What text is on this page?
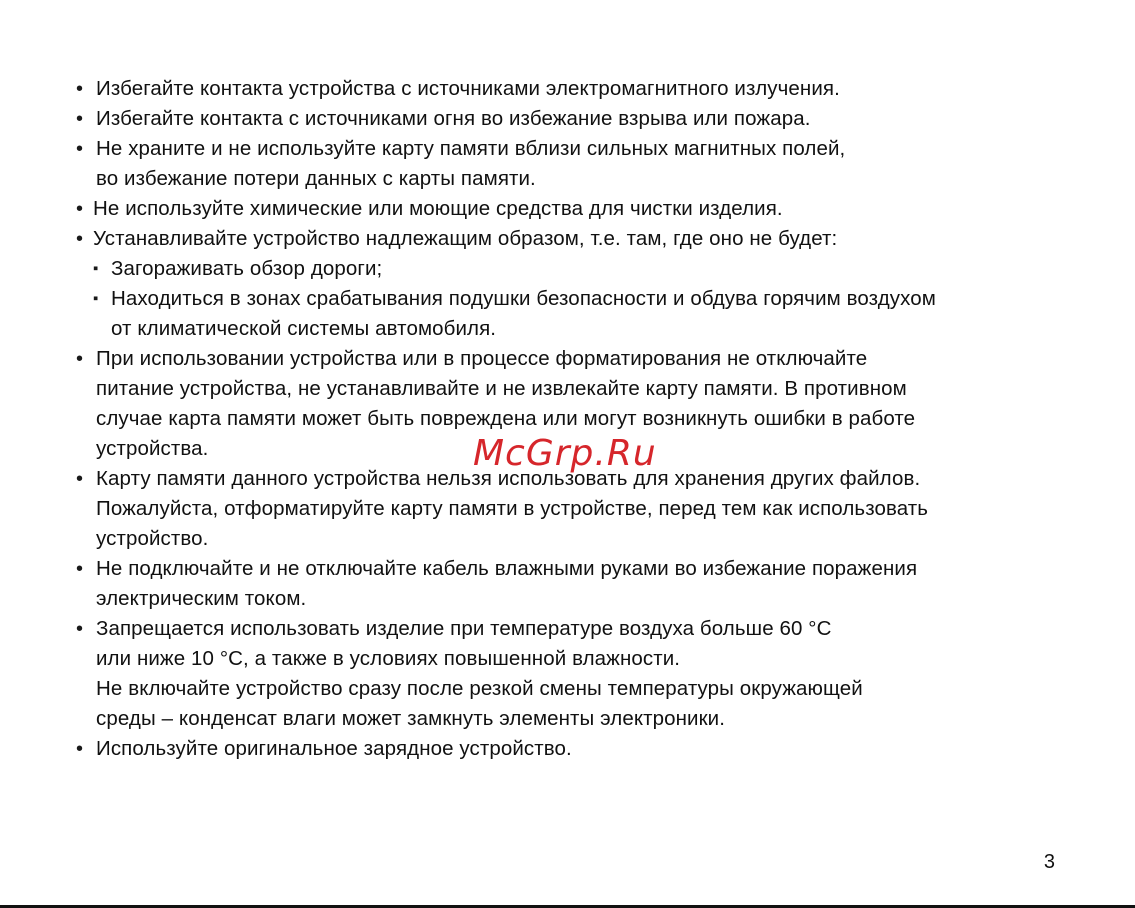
• Избегайте контакта устройства с источниками электромагнитного излучения.
• Избегайте контакта с источниками огня во избежание взрыва или пожара.
• Не храните и не используйте карту памяти вблизи сильных магнитных полей,
во избежание потери данных с карты памяти.
• Не используйте химические или моющие средства для чистки изделия.
• Устанавливайте устройство надлежащим образом, т.е. там, где оно не будет:
▪ Загораживать обзор дороги;
▪ Находиться в зонах срабатывания подушки безопасности и обдува горячим воздухом
от климатической системы автомобиля.
• При использовании устройства или в процессе форматирования не отключайте
питание устройства, не устанавливайте и не извлекайте карту памяти. В противном
случае карта памяти может быть повреждена или могут возникнуть ошибки в работе
устройства.
• Карту памяти данного устройства нельзя использовать для хранения других файлов.
Пожалуйста, отформатируйте карту памяти в устройстве, перед тем как использовать
устройство.
• Не подключайте и не отключайте кабель влажными руками во избежание поражения
электрическим током.
• Запрещается использовать изделие при температуре воздуха больше 60 °С
или ниже 10 °С, а также в условиях повышенной влажности.
Не включайте устройство сразу после резкой смены температуры окружающей
среды – конденсат влаги может замкнуть элементы электроники.
• Используйте оригинальное зарядное устройство.
McGrp.Ru
3
